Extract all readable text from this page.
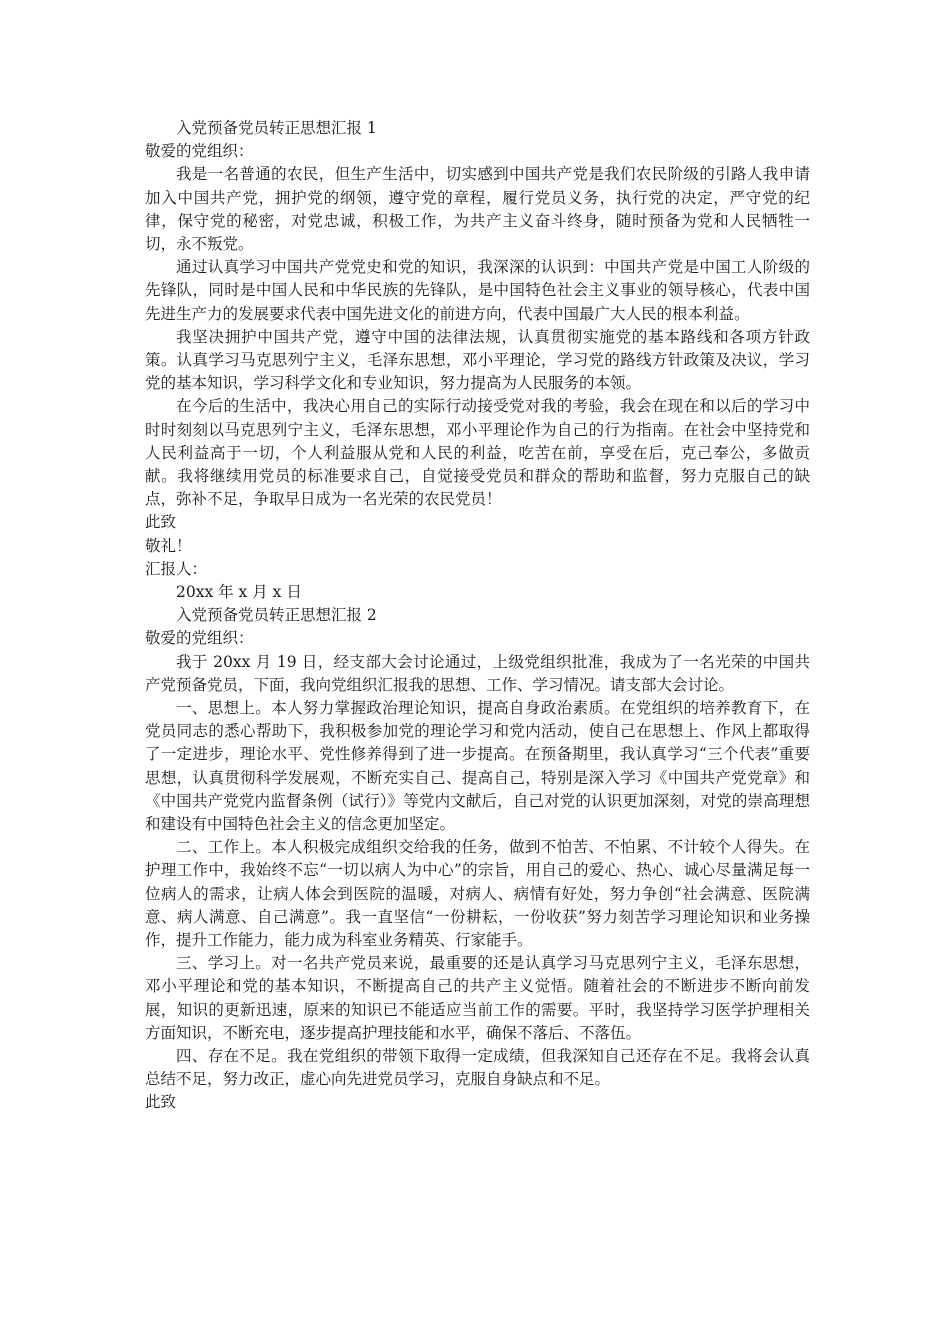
入党预备党员转正思想汇报 1

敬爱的党组织：

我是一名普通的农民，但生产生活中，切实感到中国共产党是我们农民阶级的引路人我申请加入中国共产党，拥护党的纲领，遵守党的章程，履行党员义务，执行党的决定，严守党的纪律，保守党的秘密，对党忠诚，积极工作，为共产主义奋斗终身，随时预备为党和人民牺牲一切，永不叛党。

通过认真学习中国共产党党史和党的知识，我深深的认识到：中国共产党是中国工人阶级的先锋队，同时是中国人民和中华民族的先锋队，是中国特色社会主义事业的领导核心，代表中国先进生产力的发展要求代表中国先进文化的前进方向，代表中国最广大人民的根本利益。

我坚决拥护中国共产党，遵守中国的法律法规，认真贯彻实施党的基本路线和各项方针政策。认真学习马克思列宁主义，毛泽东思想，邓小平理论，学习党的路线方针政策及决议，学习党的基本知识，学习科学文化和专业知识，努力提高为人民服务的本领。

在今后的生活中，我决心用自己的实际行动接受党对我的考验，我会在现在和以后的学习中时时刻刻以马克思列宁主义，毛泽东思想，邓小平理论作为自己的行为指南。在社会中坚持党和人民利益高于一切，个人利益服从党和人民的利益，吃苦在前，享受在后，克己奉公，多做贡献。我将继续用党员的标准要求自己，自觉接受党员和群众的帮助和监督，努力克服自己的缺点，弥补不足，争取早日成为一名光荣的农民党员！

此致

敬礼！

汇报人：

20xx 年 x 月 x 日

入党预备党员转正思想汇报 2

敬爱的党组织：

我于 20xx 月 19 日，经支部大会讨论通过，上级党组织批准，我成为了一名光荣的中国共产党预备党员，下面，我向党组织汇报我的思想、工作、学习情况。请支部大会讨论。

一、思想上。本人努力掌握政治理论知识，提高自身政治素质。在党组织的培养教育下，在党员同志的悉心帮助下，我积极参加党的理论学习和党内活动，使自己在思想上、作风上都取得了一定进步，理论水平、党性修养得到了进一步提高。在预备期里，我认真学习“三个代表”重要思想，认真贯彻科学发展观，不断充实自己、提高自己，特别是深入学习《中国共产党党章》和《中国共产党党内监督条例（试行）》等党内文献后，自己对党的认识更加深刻，对党的崇高理想和建设有中国特色社会主义的信念更加坚定。

二、工作上。本人积极完成组织交给我的任务，做到不怕苦、不怕累、不计较个人得失。在护理工作中，我始终不忘“一切以病人为中心”的宗旨，用自己的爱心、热心、诚心尽量满足每一位病人的需求，让病人体会到医院的温暖，对病人、病情有好处，努力争创“社会满意、医院满意、病人满意、自己满意”。我一直坚信“一份耕耘，一份收获”努力刻苦学习理论知识和业务操作，提升工作能力，能力成为科室业务精英、行家能手。

三、学习上。对一名共产党员来说，最重要的还是认真学习马克思列宁主义，毛泽东思想，邓小平理论和党的基本知识，不断提高自己的共产主义觉悟。随着社会的不断进步不断向前发展，知识的更新迅速，原来的知识已不能适应当前工作的需要。平时，我坚持学习医学护理相关方面知识，不断充电，逐步提高护理技能和水平，确保不落后、不落伍。

四、存在不足。我在党组织的带领下取得一定成绩，但我深知自己还存在不足。我将会认真总结不足，努力改正，虚心向先进党员学习，克服自身缺点和不足。

此致
